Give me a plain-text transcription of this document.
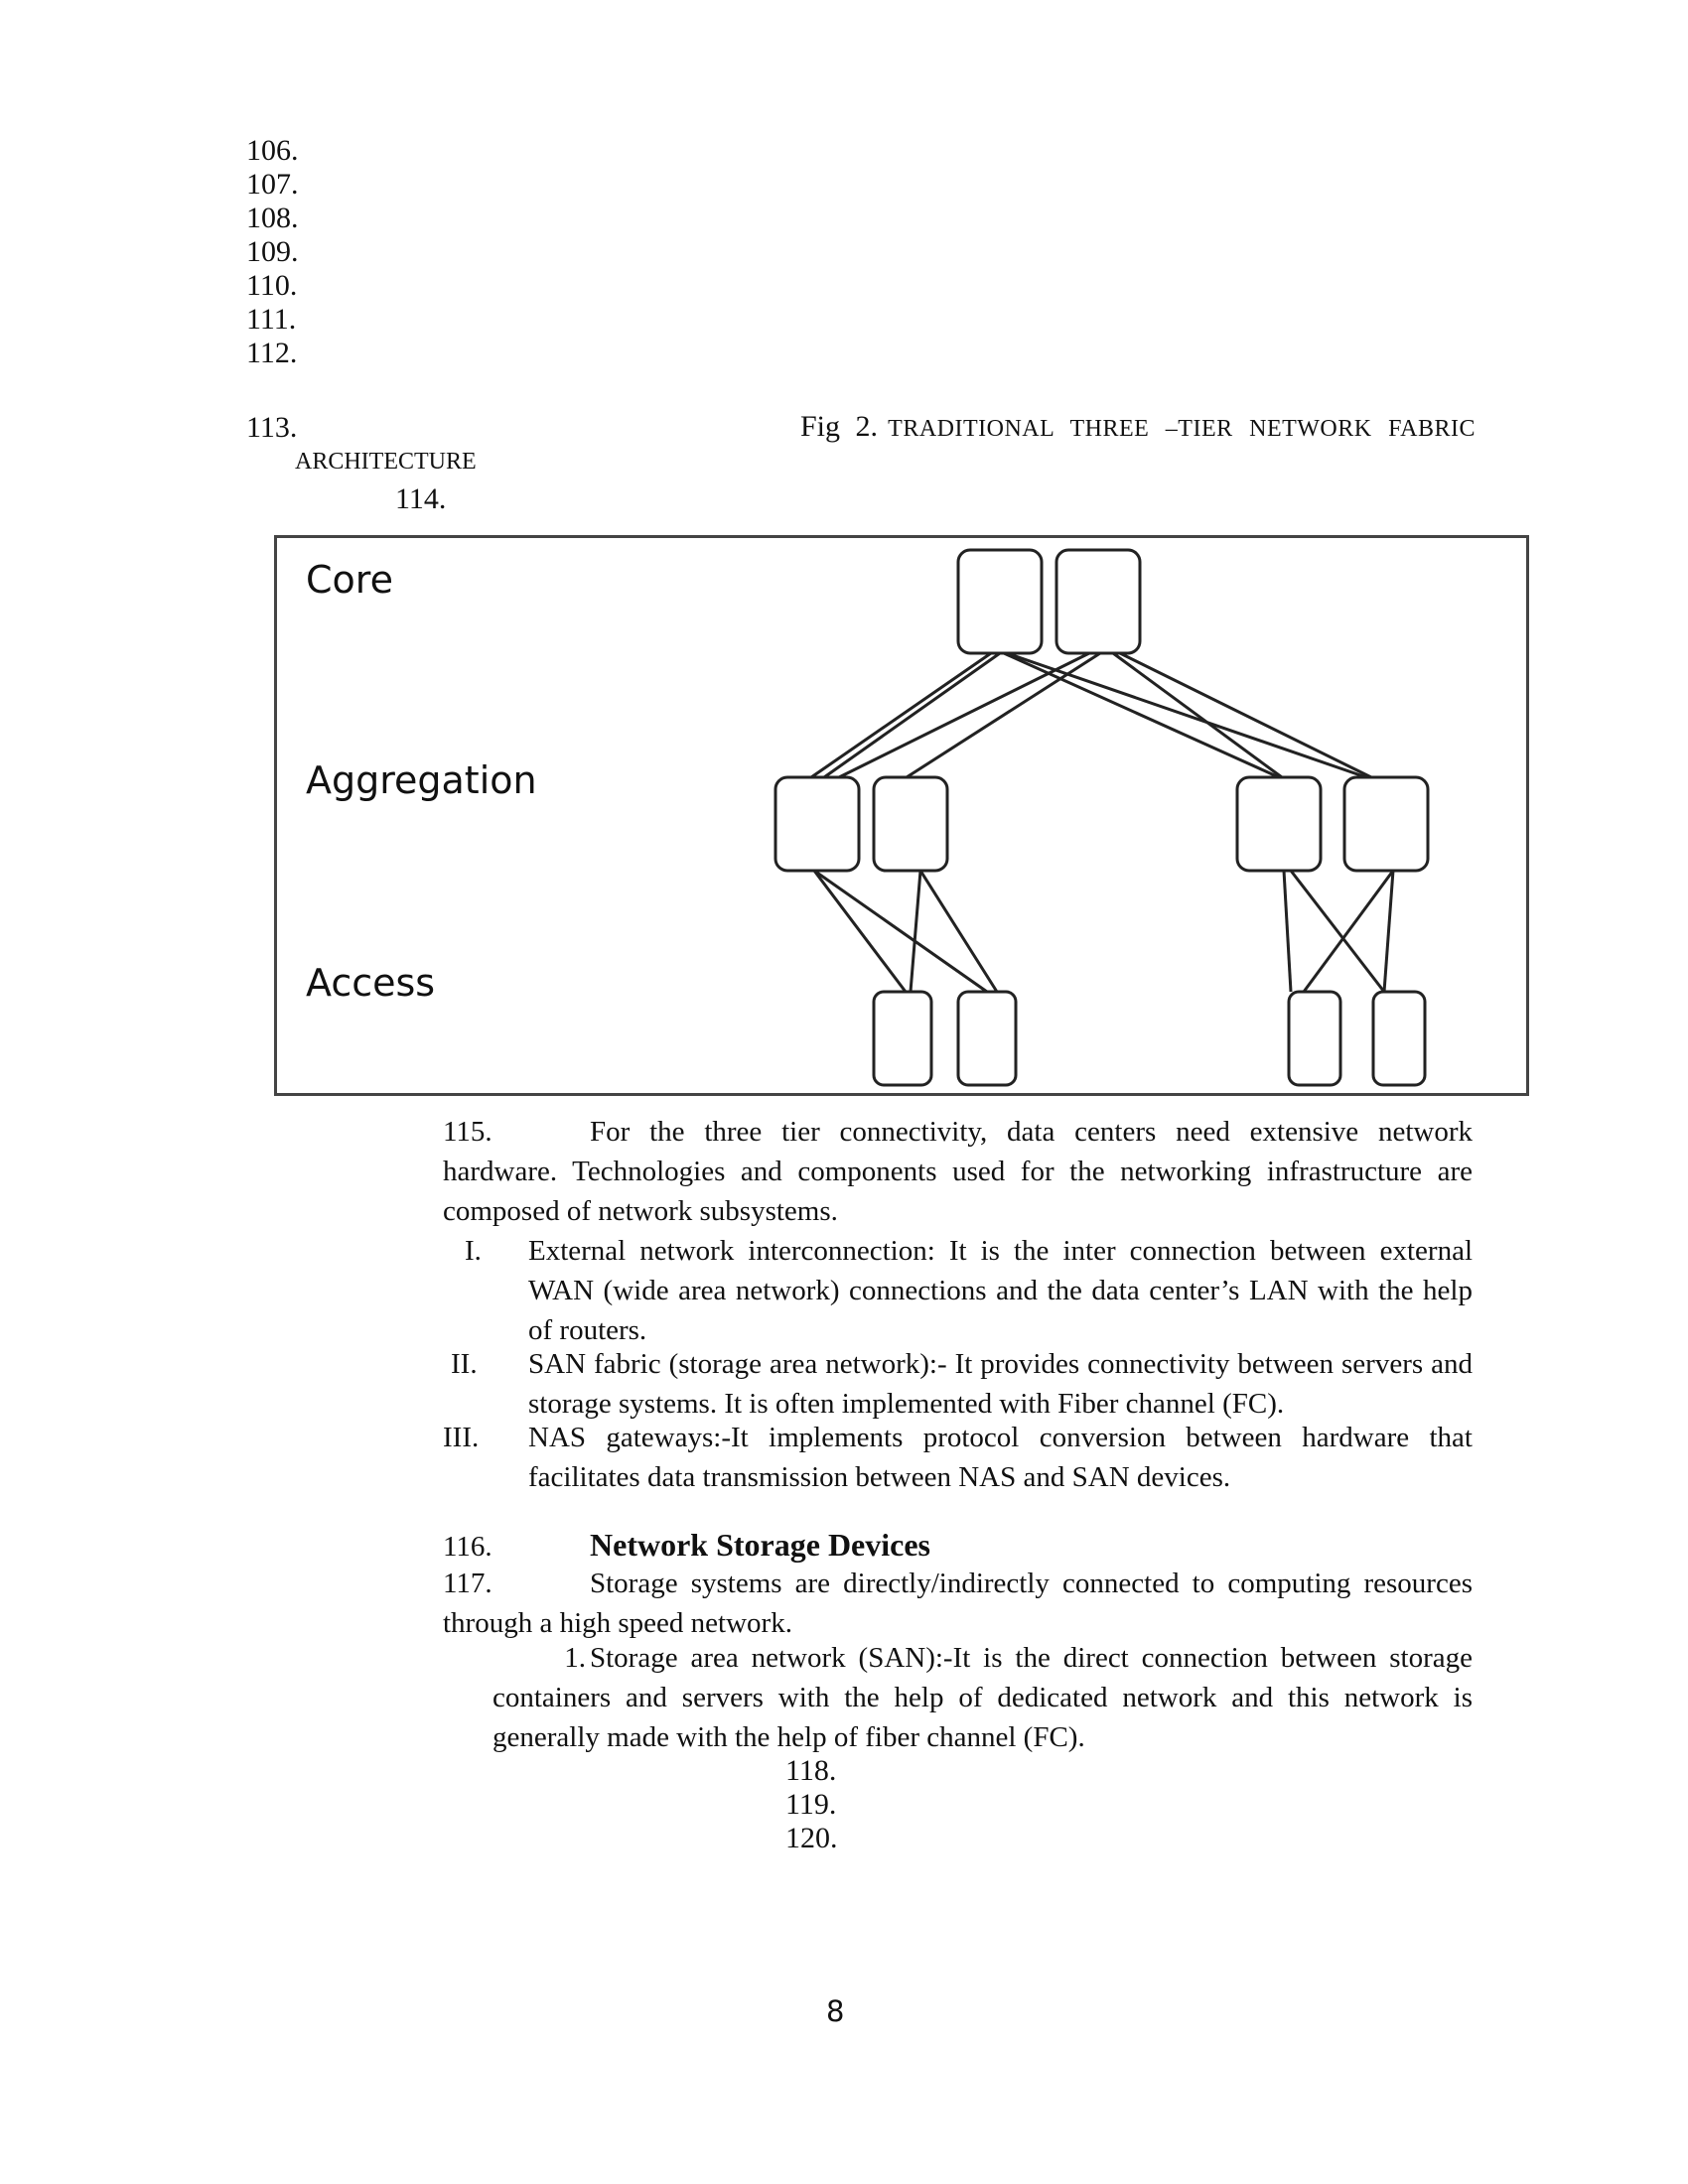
106.
107.
108.
109.
110.
111.
112.
113.	Fig 2. TRADITIONAL THREE –TIER NETWORK FABRIC
ARCHITECTURE
114.
Core
Aggregation
Access
115.	For the three tier connectivity, data centers need extensive network
hardware. Technologies and components used for the networking infrastructure are composed of network subsystems.
I.	External network interconnection: It is the inter connection between external WAN (wide area network) connections and the data center’s LAN with the help of routers.
II.	SAN fabric (storage area network):- It provides connectivity between servers and storage systems. It is often implemented with Fiber channel (FC).
III.	NAS gateways:-It implements protocol conversion between hardware that facilitates data transmission between NAS and SAN devices.
116.	Network Storage Devices
117.	Storage systems are directly/indirectly connected to computing resources
through a high speed network.
1. Storage area network (SAN):-It is the direct connection between storage
containers and servers with the help of dedicated network and this network is generally made with the help of fiber channel (FC).
118.
119.
120.
8
